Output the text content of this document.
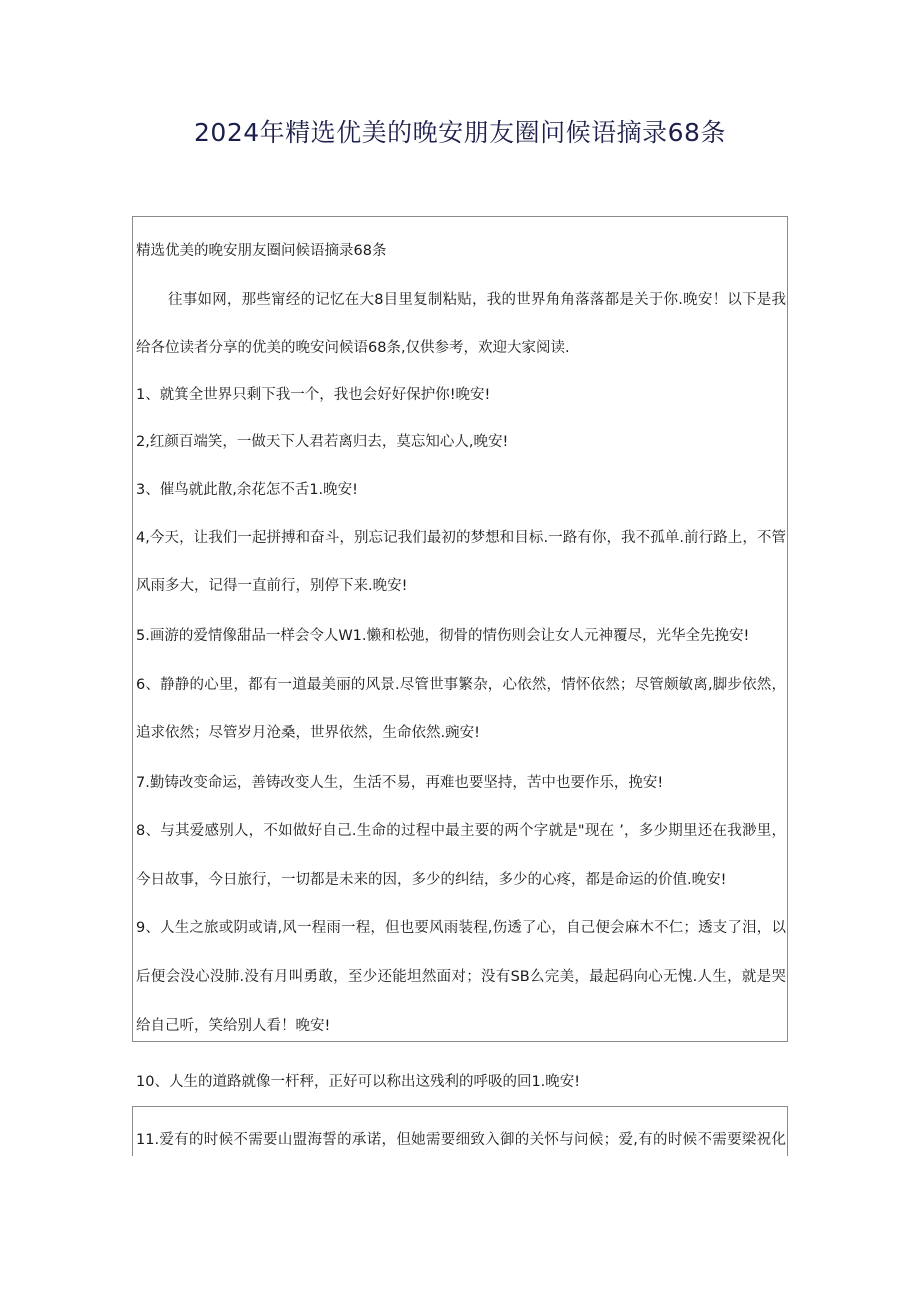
2024年精选优美的晚安朋友圈问候语摘录68条
精选优美的晚安朋友圈问候语摘录68条
往事如网，那些甯经的记忆在大8目里复制粘贴，我的世界角角落落都是关于你.晚安！以下是我
给各位读者分享的优美的晚安问候语68条,仅供参考，欢迎大家阅读.
1、就箕全世界只剩下我一个，我也会好好保护你!晚安!
2,红颜百端笑，一做天下人君若离归去，莫忘知心人,晚安!
3、催鸟就此散,余花怎不舌1.晚安!
4,今天，让我们一起拼搏和奋斗，别忘记我们最初的梦想和目标.一路有你，我不孤单.前行路上，不管
风雨多大，记得一直前行，别停下来.晚安!
5.画游的爱情像甜品一样会令人W1.懒和松弛，彻骨的情伤则会让女人元神覆尽，光华全先挽安!
6、静静的心里，都有一道最美丽的风景.尽管世事繁杂，心依然，情怀依然；尽管颇敏离,脚步依然，
追求依然；尽管岁月沧桑，世界依然，生命依然.豌安!
7.勤铸改变命运，善铸改变人生，生活不易，再难也要坚持，苦中也要作乐，挽安!
8、与其爱感别人，不如做好自己.生命的过程中最主要的两个字就是"现在 ’，多少期里还在我渺里，
今日故事，今日旅行，一切都是未来的因，多少的纠结，多少的心疼，都是命运的价值.晚安!
9、人生之旅或阴或请,风一程雨一程，但也要风雨装程,伤透了心，自己便会麻木不仁；透支了泪，以
后便会没心没肺.没有月叫勇敢，至少还能坦然面对；没有SB么完美，最起码向心无愧.人生，就是哭
给自己听，笑给别人看！晚安!
10、人生的道路就像一杆秤，正好可以称出这残利的呼吸的回1.晚安!
11.爱有的时候不需要山盟海誓的承诺，但她需要细致入御的关怀与问候；爱,有的时候不需要梁祝化
